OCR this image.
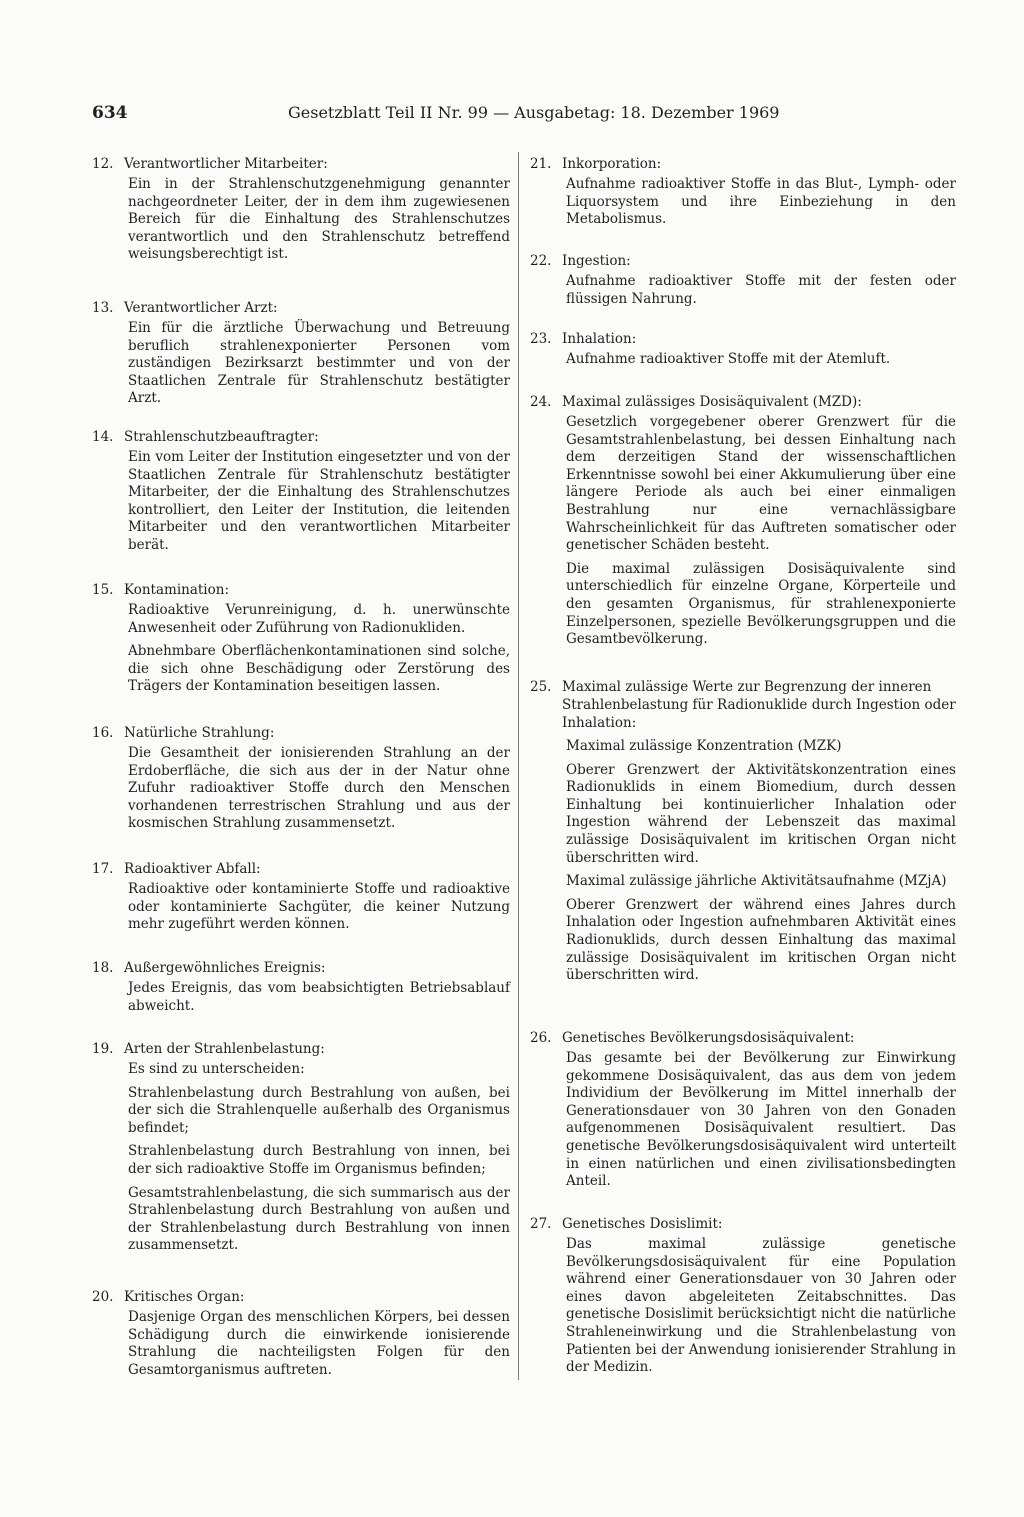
634	Gesetzblatt Teil II Nr. 99 — Ausgabetag: 18. Dezember 1969
12. Verantwortlicher Mitarbeiter:

Ein in der Strahlenschutzgenehmigung genannter nachgeordneter Leiter, der in dem ihm zugewiesenen Bereich für die Einhaltung des Strahlenschutzes verantwortlich und den Strahlenschutz betreffend weisungsberechtigt ist.

13. Verantwortlicher Arzt:

Ein für die ärztliche Überwachung und Betreuung beruflich strahlenexponierter Personen vom zuständigen Bezirksarzt bestimmter und von der Staatlichen Zentrale für Strahlenschutz bestätigter Arzt.

14. Strahlenschutzbeauftragter:

Ein vom Leiter der Institution eingesetzter und von der Staatlichen Zentrale für Strahlenschutz bestätigter Mitarbeiter, der die Einhaltung des Strahlenschutzes kontrolliert, den Leiter der Institution, die leitenden Mitarbeiter und den verantwortlichen Mitarbeiter berät.

15. Kontamination:

Radioaktive Verunreinigung, d. h. unerwünschte Anwesenheit oder Zuführung von Radionukliden.

Abnehmbare Oberflächenkontaminationen sind solche, die sich ohne Beschädigung oder Zerstörung des Trägers der Kontamination beseitigen lassen.

16. Natürliche Strahlung:

Die Gesamtheit der ionisierenden Strahlung an der Erdoberfläche, die sich aus der in der Natur ohne Zufuhr radioaktiver Stoffe durch den Menschen vorhandenen terrestrischen Strahlung und aus der kosmischen Strahlung zusammensetzt.

17. Radioaktiver Abfall:

Radioaktive oder kontaminierte Stoffe und radioaktive oder kontaminierte Sachgüter, die keiner Nutzung mehr zugeführt werden können.

18. Außergewöhnliches Ereignis:

Jedes Ereignis, das vom beabsichtigten Betriebsablauf abweicht.

19. Arten der Strahlenbelastung:

Es sind zu unterscheiden:

Strahlenbelastung durch Bestrahlung von außen, bei der sich die Strahlenquelle außerhalb des Organismus befindet;

Strahlenbelastung durch Bestrahlung von innen, bei der sich radioaktive Stoffe im Organismus befinden;

Gesamtstrahlenbelastung, die sich summarisch aus der Strahlenbelastung durch Bestrahlung von außen und der Strahlenbelastung durch Bestrahlung von innen zusammensetzt.

20. Kritisches Organ:

Dasjenige Organ des menschlichen Körpers, bei dessen Schädigung durch die einwirkende ionisierende Strahlung die nachteiligsten Folgen für den Gesamtorganismus auftreten.

21. Inkorporation:

Aufnahme radioaktiver Stoffe in das Blut-, Lymph- oder Liquorsystem und ihre Einbeziehung in den Metabolismus.

22. Ingestion:

Aufnahme radioaktiver Stoffe mit der festen oder flüssigen Nahrung.

23. Inhalation:

Aufnahme radioaktiver Stoffe mit der Atemluft.

24. Maximal zulässiges Dosisäquivalent (MZD):

Gesetzlich vorgegebener oberer Grenzwert für die Gesamtstrahlenbelastung, bei dessen Einhaltung nach dem derzeitigen Stand der wissenschaftlichen Erkenntnisse sowohl bei einer Akkumulierung über eine längere Periode als auch bei einer einmaligen Bestrahlung nur eine vernachlässigbare Wahrscheinlichkeit für das Auftreten somatischer oder genetischer Schäden besteht.

Die maximal zulässigen Dosisäquivalente sind unterschiedlich für einzelne Organe, Körperteile und den gesamten Organismus, für strahlenexponierte Einzelpersonen, spezielle Bevölkerungsgruppen und die Gesamtbevölkerung.

25. Maximal zulässige Werte zur Begrenzung der inneren Strahlenbelastung für Radionuklide durch Ingestion oder Inhalation:

Maximal zulässige Konzentration (MZK)

Oberer Grenzwert der Aktivitätskonzentration eines Radionuklids in einem Biomedium, durch dessen Einhaltung bei kontinuierlicher Inhalation oder Ingestion während der Lebenszeit das maximal zulässige Dosisäquivalent im kritischen Organ nicht überschritten wird.

Maximal zulässige jährliche Aktivitätsaufnahme (MZjA)

Oberer Grenzwert der während eines Jahres durch Inhalation oder Ingestion aufnehmbaren Aktivität eines Radionuklids, durch dessen Einhaltung das maximal zulässige Dosisäquivalent im kritischen Organ nicht überschritten wird.

26. Genetisches Bevölkerungsdosisäquivalent:

Das gesamte bei der Bevölkerung zur Einwirkung gekommene Dosisäquivalent, das aus dem von jedem Individium der Bevölkerung im Mittel innerhalb der Generationsdauer von 30 Jahren von den Gonaden aufgenommenen Dosisäquivalent resultiert. Das genetische Bevölkerungsdosisäquivalent wird unterteilt in einen natürlichen und einen zivilisationsbedingten Anteil.

27. Genetisches Dosislimit:

Das maximal zulässige genetische Bevölkerungsdosisäquivalent für eine Population während einer Generationsdauer von 30 Jahren oder eines davon abgeleiteten Zeitabschnittes. Das genetische Dosislimit berücksichtigt nicht die natürliche Strahleneinwirkung und die Strahlenbelastung von Patienten bei der Anwendung ionisierender Strahlung in der Medizin.
